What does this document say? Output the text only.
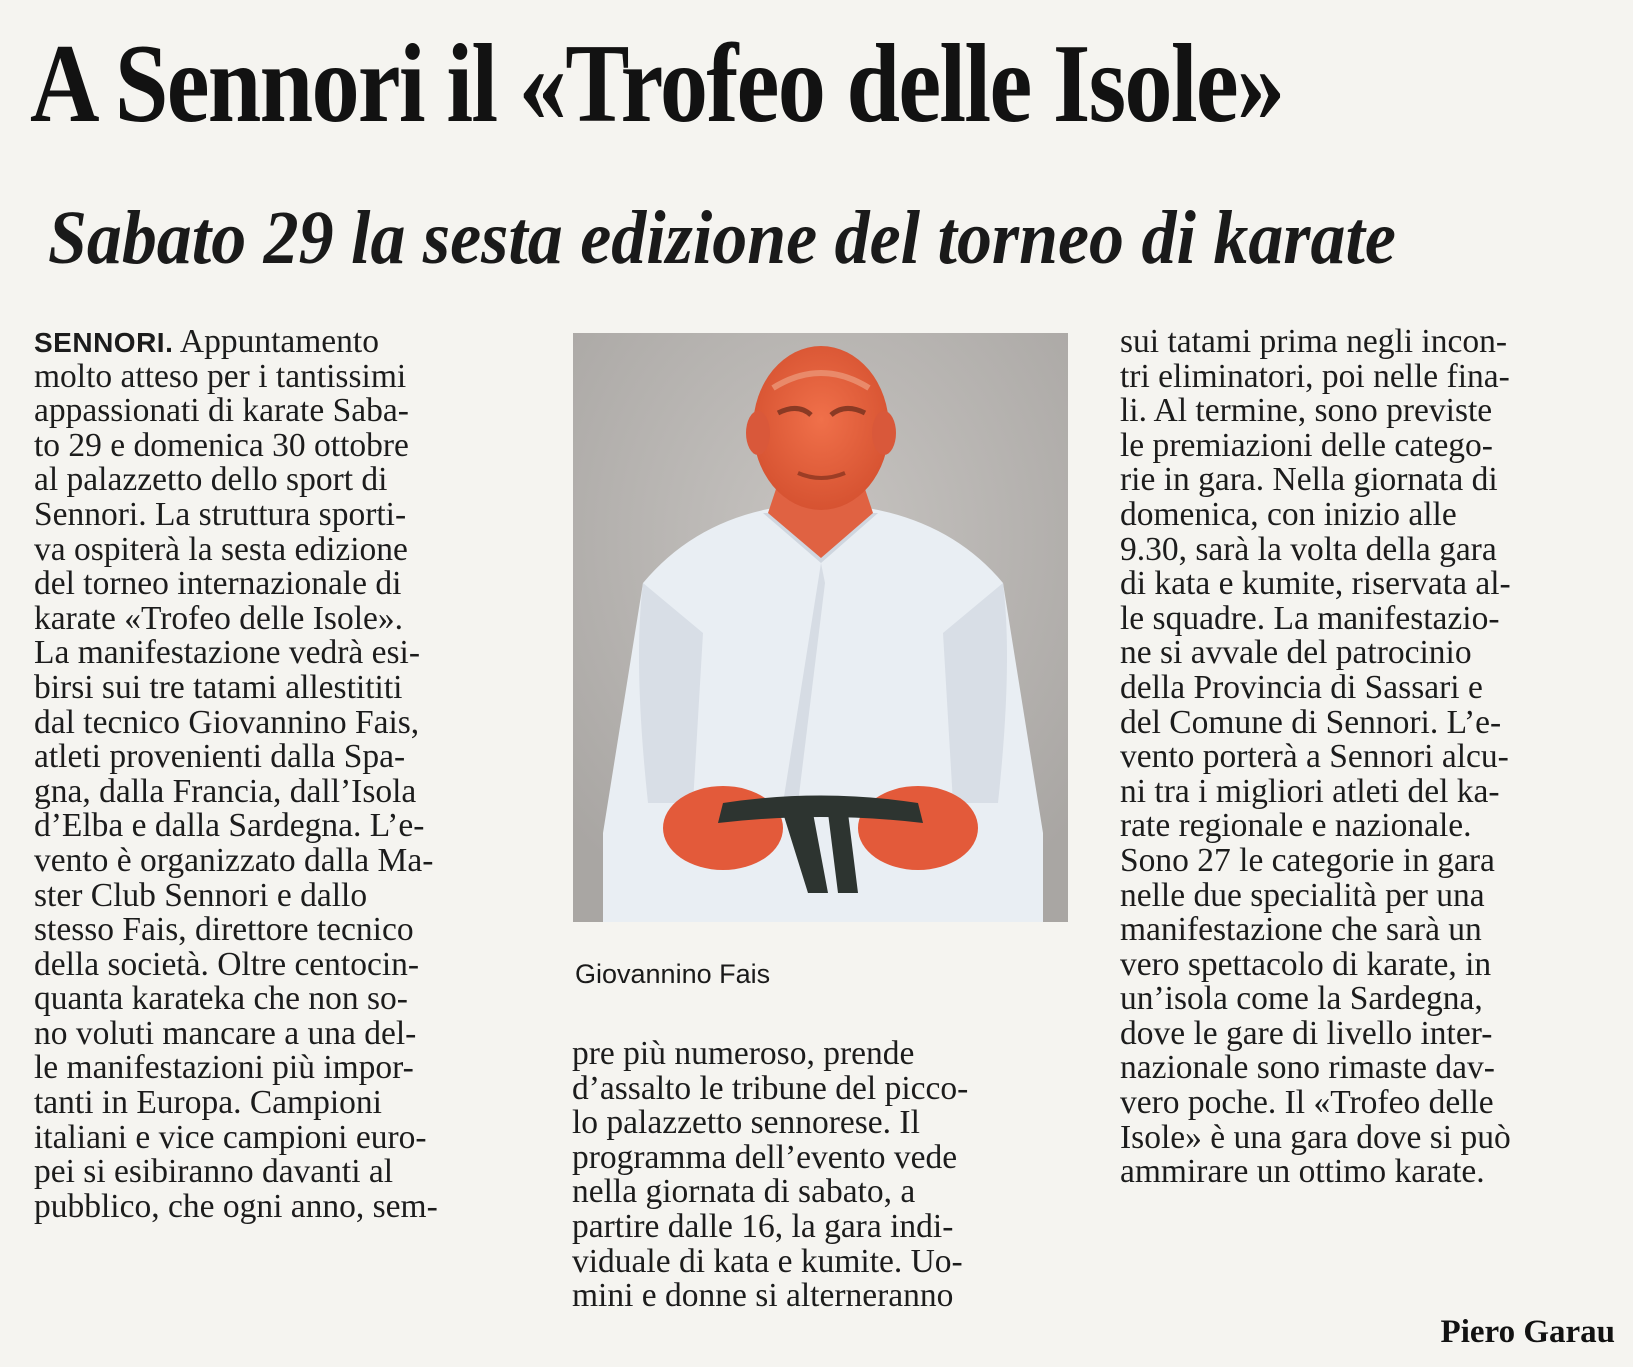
A Sennori il «Trofeo delle Isole»
Sabato 29 la sesta edizione del torneo di karate
SENNORI. Appuntamento
molto atteso per i tantissimi
appassionati di karate Saba-
to 29 e domenica 30 ottobre
al palazzetto dello sport di
Sennori. La struttura sporti-
va ospiterà la sesta edizione
del torneo internazionale di
karate «Trofeo delle Isole».
La manifestazione vedrà esi-
birsi sui tre tatami allestititi
dal tecnico Giovannino Fais,
atleti provenienti dalla Spa-
gna, dalla Francia, dall’Isola
d’Elba e dalla Sardegna. L’e-
vento è organizzato dalla Ma-
ster Club Sennori e dallo
stesso Fais, direttore tecnico
della società. Oltre centocin-
quanta karateka che non so-
no voluti mancare a una del-
le manifestazioni più impor-
tanti in Europa. Campioni
italiani e vice campioni euro-
pei si esibiranno davanti al
pubblico, che ogni anno, sem-
Giovannino Fais
pre più numeroso, prende
d’assalto le tribune del picco-
lo palazzetto sennorese. Il
programma dell’evento vede
nella giornata di sabato, a
partire dalle 16, la gara indi-
viduale di kata e kumite. Uo-
mini e donne si alterneranno
sui tatami prima negli incon-
tri eliminatori, poi nelle fina-
li. Al termine, sono previste
le premiazioni delle catego-
rie in gara. Nella giornata di
domenica, con inizio alle
9.30, sarà la volta della gara
di kata e kumite, riservata al-
le squadre. La manifestazio-
ne si avvale del patrocinio
della Provincia di Sassari e
del Comune di Sennori. L’e-
vento porterà a Sennori alcu-
ni tra i migliori atleti del ka-
rate regionale e nazionale.
Sono 27 le categorie in gara
nelle due specialità per una
manifestazione che sarà un
vero spettacolo di karate, in
un’isola come la Sardegna,
dove le gare di livello inter-
nazionale sono rimaste dav-
vero poche. Il «Trofeo delle
Isole» è una gara dove si può
ammirare un ottimo karate.
Piero Garau
